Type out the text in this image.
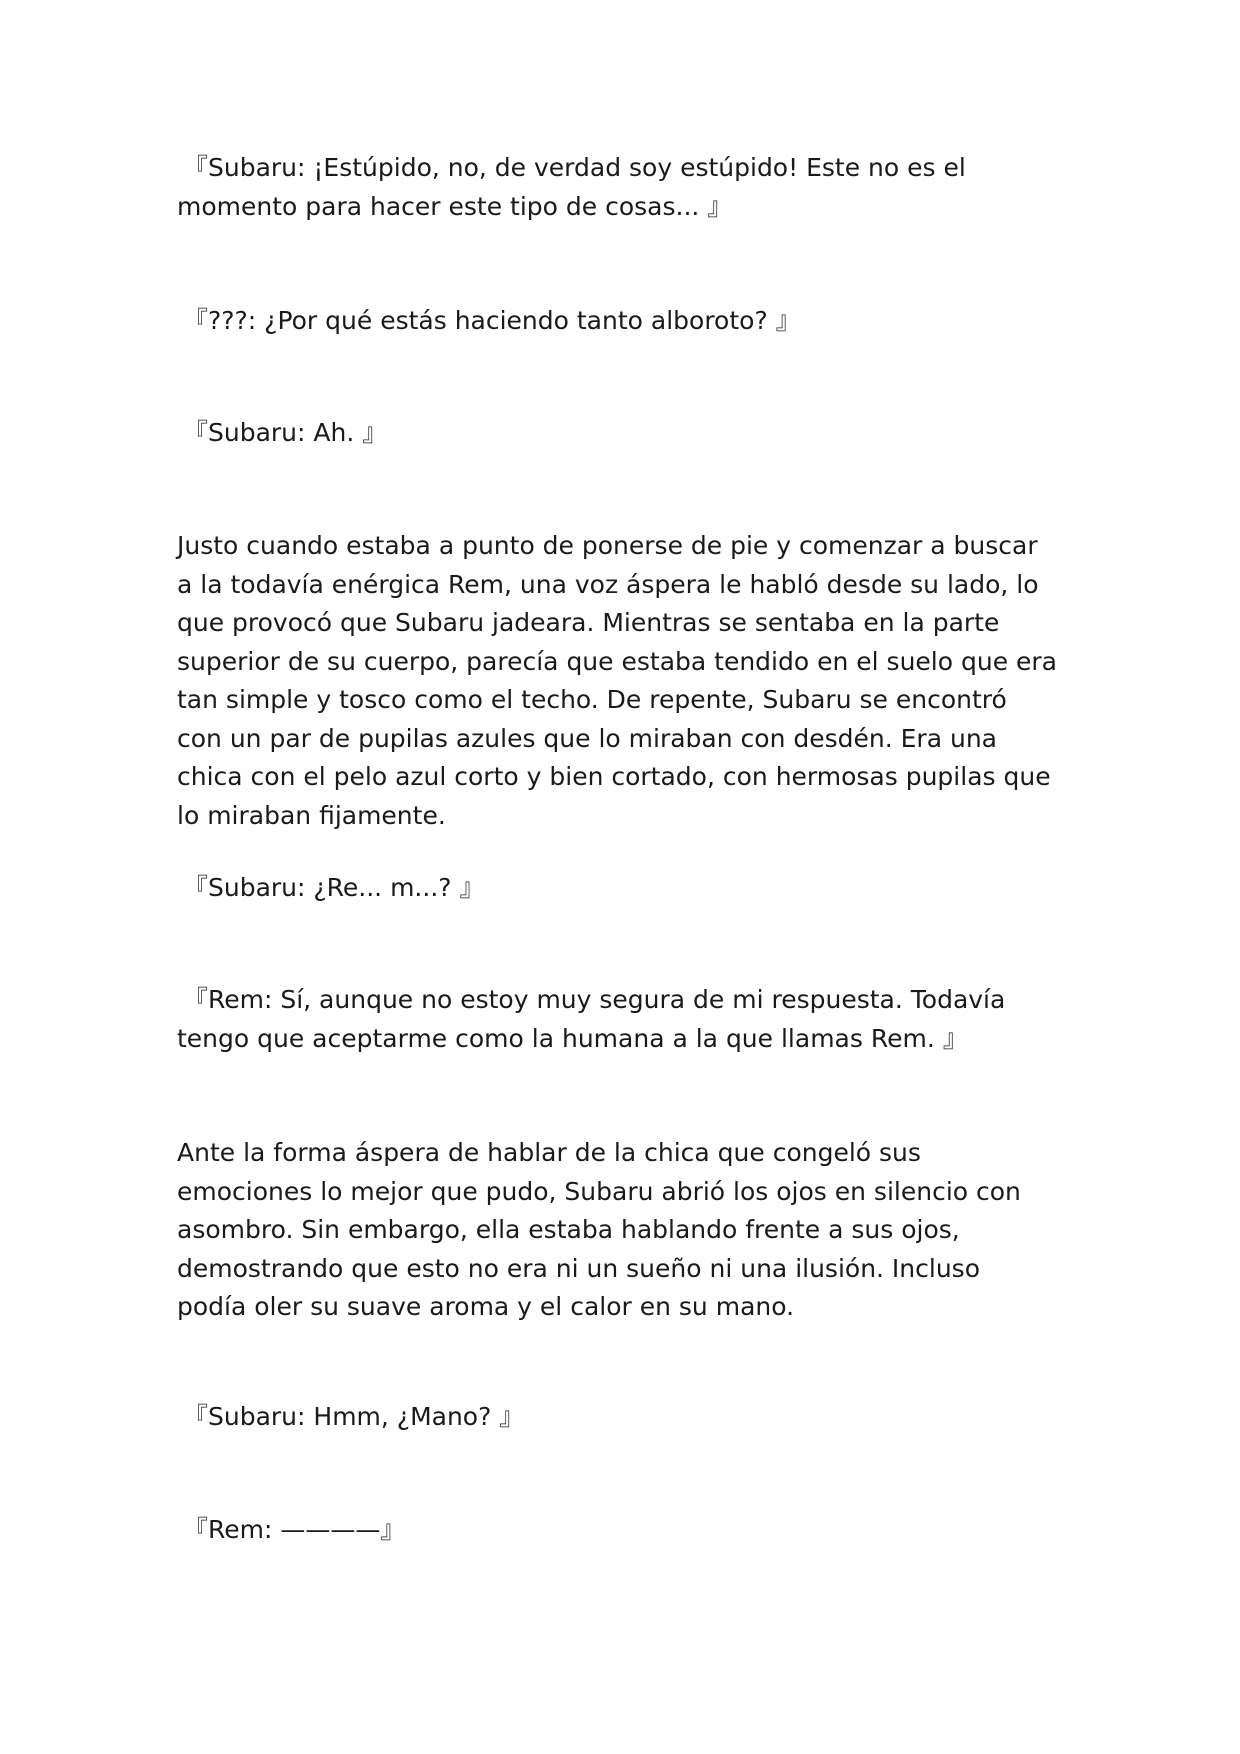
『Subaru: ¡Estúpido, no, de verdad soy estúpido! Este no es el momento para hacer este tipo de cosas... 』

『???: ¿Por qué estás haciendo tanto alboroto? 』

『Subaru: Ah. 』

Justo cuando estaba a punto de ponerse de pie y comenzar a buscar a la todavía enérgica Rem, una voz áspera le habló desde su lado, lo que provocó que Subaru jadeara. Mientras se sentaba en la parte superior de su cuerpo, parecía que estaba tendido en el suelo que era tan simple y tosco como el techo. De repente, Subaru se encontró con un par de pupilas azules que lo miraban con desdén. Era una chica con el pelo azul corto y bien cortado, con hermosas pupilas que lo miraban fijamente.

『Subaru: ¿Re... m...? 』

『Rem: Sí, aunque no estoy muy segura de mi respuesta. Todavía tengo que aceptarme como la humana a la que llamas Rem. 』

Ante la forma áspera de hablar de la chica que congeló sus emociones lo mejor que pudo, Subaru abrió los ojos en silencio con asombro. Sin embargo, ella estaba hablando frente a sus ojos, demostrando que esto no era ni un sueño ni una ilusión. Incluso podía oler su suave aroma y el calor en su mano.

『Subaru: Hmm, ¿Mano? 』

『Rem: ————』
